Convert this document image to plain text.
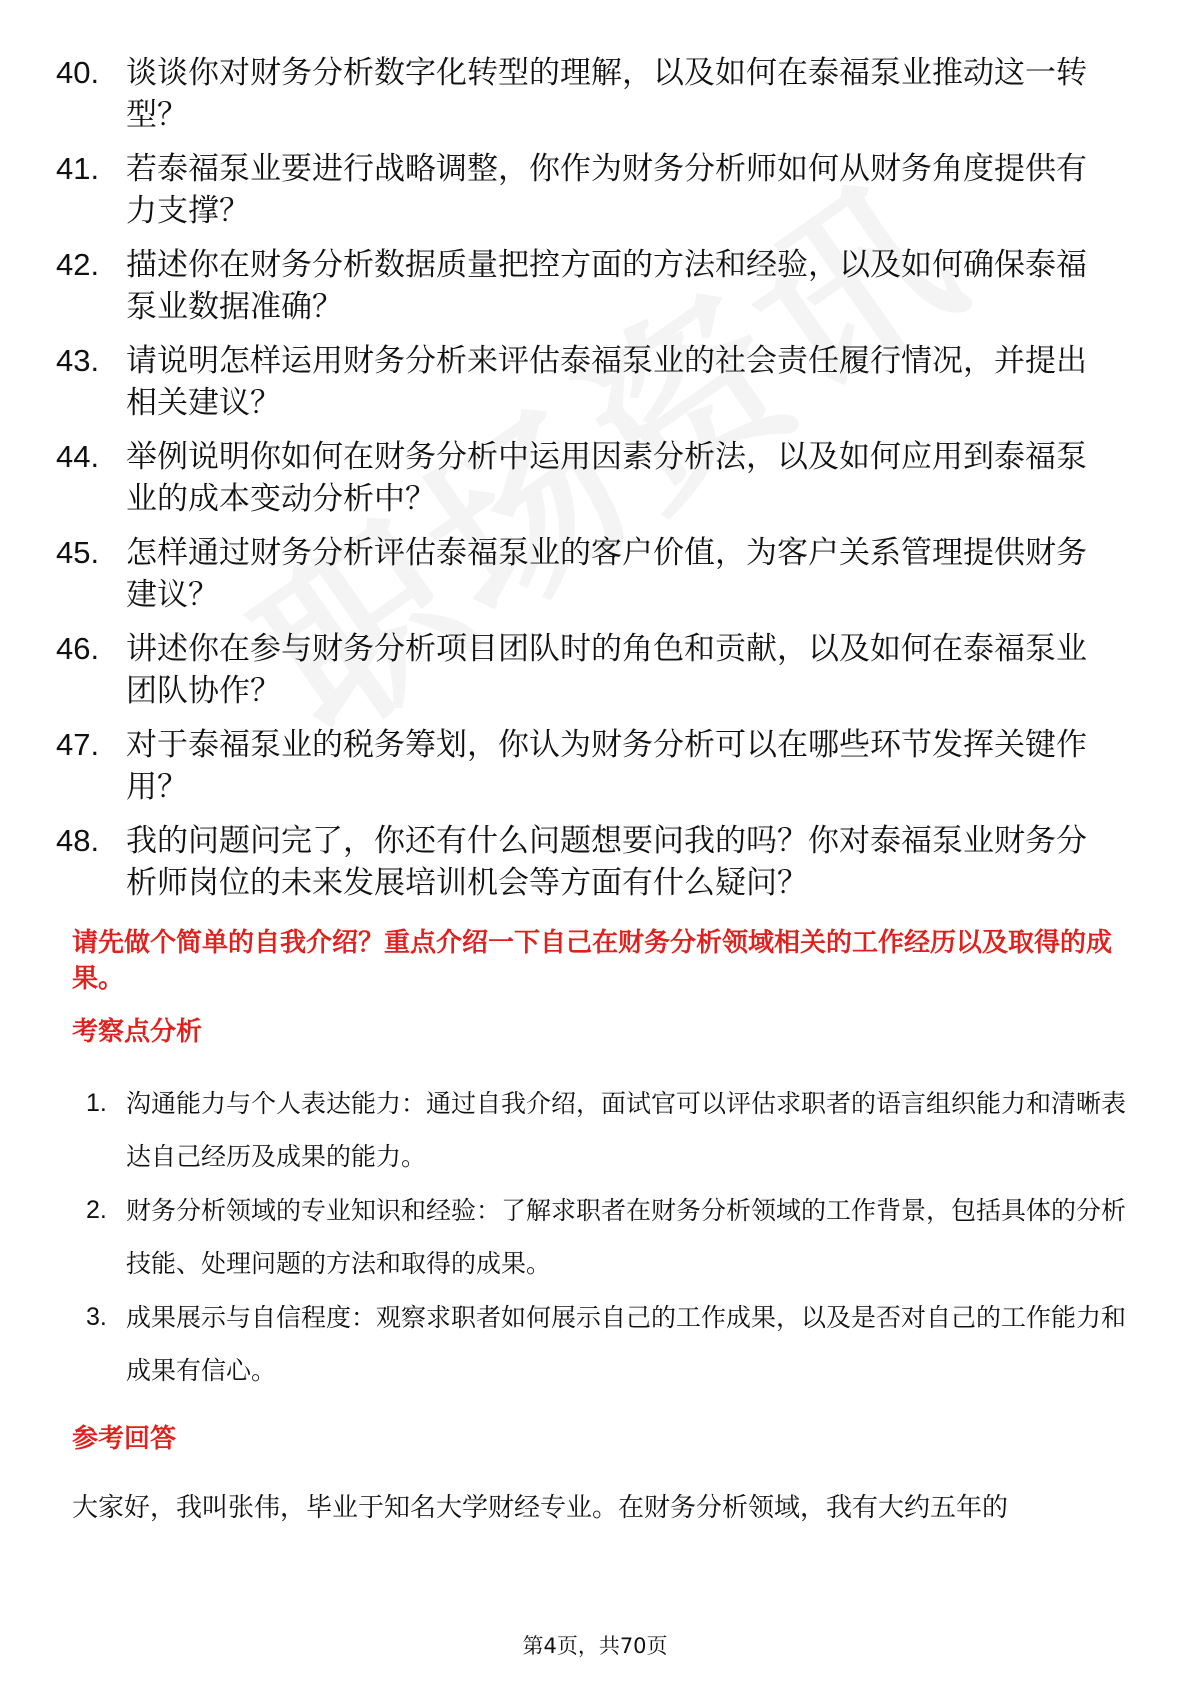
40. 谈谈你对财务分析数字化转型的理解，以及如何在泰福泵业推动这一转型？
41. 若泰福泵业要进行战略调整，你作为财务分析师如何从财务角度提供有力支撑？
42. 描述你在财务分析数据质量把控方面的方法和经验，以及如何确保泰福泵业数据准确？
43. 请说明怎样运用财务分析来评估泰福泵业的社会责任履行情况，并提出相关建议？
44. 举例说明你如何在财务分析中运用因素分析法，以及如何应用到泰福泵业的成本变动分析中？
45. 怎样通过财务分析评估泰福泵业的客户价值，为客户关系管理提供财务建议？
46. 讲述你在参与财务分析项目团队时的角色和贡献，以及如何在泰福泵业团队协作？
47. 对于泰福泵业的税务筹划，你认为财务分析可以在哪些环节发挥关键作用？
48. 我的问题问完了，你还有什么问题想要问我的吗？你对泰福泵业财务分析师岗位的未来发展培训机会等方面有什么疑问？
请先做个简单的自我介绍？重点介绍一下自己在财务分析领域相关的工作经历以及取得的成果。
考察点分析
1. 沟通能力与个人表达能力：通过自我介绍，面试官可以评估求职者的语言组织能力和清晰表达自己经历及成果的能力。
2. 财务分析领域的专业知识和经验：了解求职者在财务分析领域的工作背景，包括具体的分析技能、处理问题的方法和取得的成果。
3. 成果展示与自信程度：观察求职者如何展示自己的工作成果，以及是否对自己的工作能力和成果有信心。
参考回答
大家好，我叫张伟，毕业于知名大学财经专业。在财务分析领域，我有大约五年的
第4页，共70页
